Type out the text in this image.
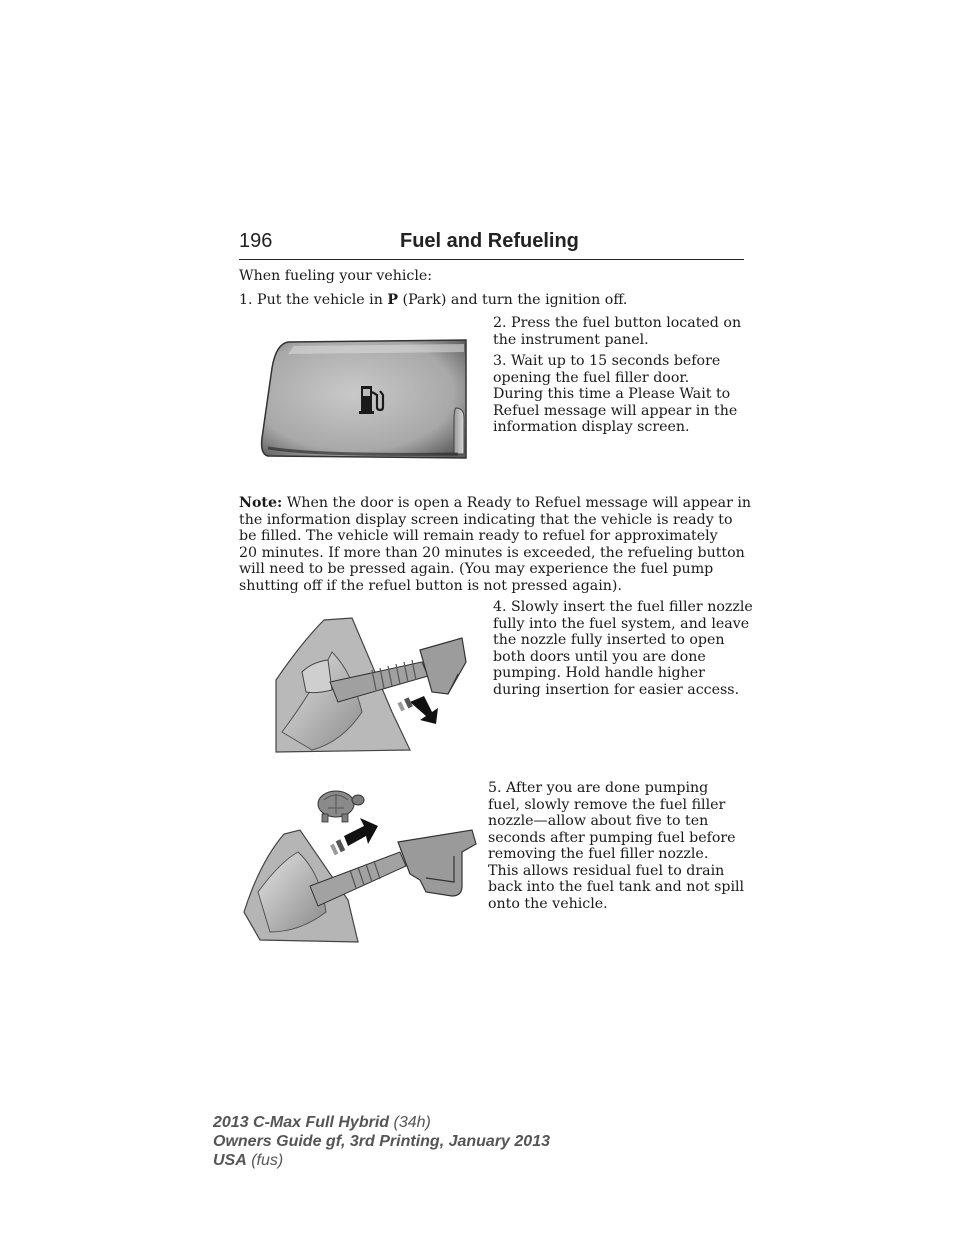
196	Fuel and Refueling
When fueling your vehicle:
1. Put the vehicle in P (Park) and turn the ignition off.
2. Press the fuel button located on
the instrument panel.
3. Wait up to 15 seconds before
opening the fuel filler door.
During this time a Please Wait to
Refuel message will appear in the
information display screen.
Note: When the door is open a Ready to Refuel message will appear in
the information display screen indicating that the vehicle is ready to
be filled. The vehicle will remain ready to refuel for approximately
20 minutes. If more than 20 minutes is exceeded, the refueling button
will need to be pressed again. (You may experience the fuel pump
shutting off if the refuel button is not pressed again).
4. Slowly insert the fuel filler nozzle
fully into the fuel system, and leave
the nozzle fully inserted to open
both doors until you are done
pumping. Hold handle higher
during insertion for easier access.
5. After you are done pumping
fuel, slowly remove the fuel filler
nozzle—allow about five to ten
seconds after pumping fuel before
removing the fuel filler nozzle.
This allows residual fuel to drain
back into the fuel tank and not spill
onto the vehicle.
2013 C-Max Full Hybrid (34h)
Owners Guide gf, 3rd Printing, January 2013
USA (fus)
